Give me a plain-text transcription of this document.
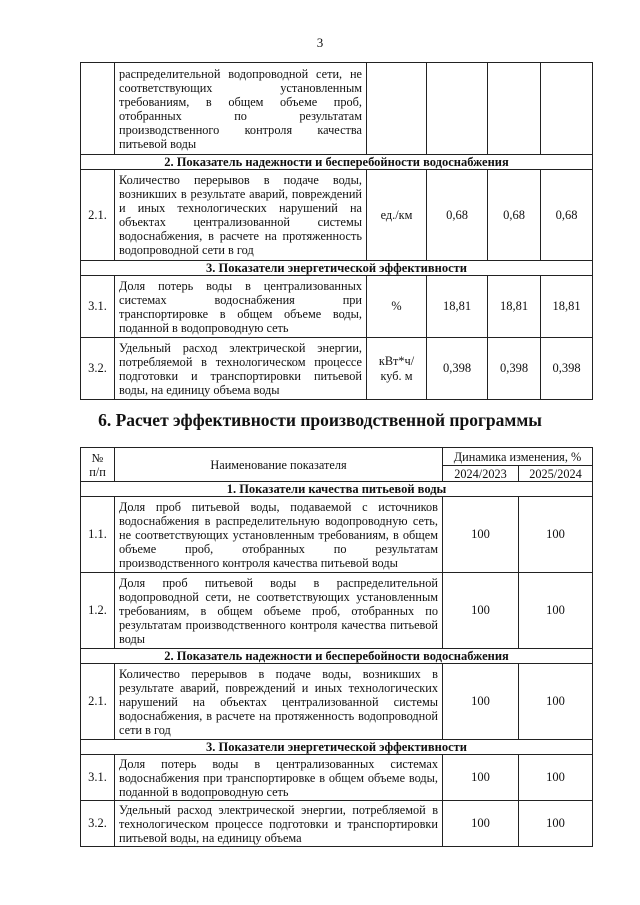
3
	распределительной водопроводной сети, не соответствующих установленным требованиям, в общем объеме проб, отобранных по результатам производственного контроля качества питьевой воды				
2. Показатель надежности и бесперебойности водоснабжения					
2.1.	Количество перерывов в подаче воды, возникших в результате аварий, повреждений и иных технологических нарушений на объектах централизованной системы водоснабжения, в расчете на протяженность водопроводной сети в год	ед./км	0,68	0,68	0,68
3. Показатели энергетической эффективности					
3.1.	Доля потерь воды в централизованных системах водоснабжения при транспортировке в общем объеме воды, поданной в водопроводную сеть	%	18,81	18,81	18,81
3.2.	Удельный расход электрической энергии, потребляемой в технологическом процессе подготовки и транспортировки питьевой воды, на единицу объема воды	кВт*ч/
куб. м	0,398	0,398	0,398
6. Расчет эффективности производственной программы
№
п/п	Наименование показателя	Динамика изменения, %	
		2024/2023	2025/2024
1. Показатели качества питьевой воды			
1.1.	Доля проб питьевой воды, подаваемой с источников водоснабжения в распределительную водопроводную сеть, не соответствующих установленным требованиям, в общем объеме проб, отобранных по результатам производственного контроля качества питьевой воды	100	100
1.2.	Доля проб питьевой воды в распределительной водопроводной сети, не соответствующих установленным требованиям, в общем объеме проб, отобранных по результатам производственного контроля качества питьевой воды	100	100
2. Показатель надежности и бесперебойности водоснабжения			
2.1.	Количество перерывов в подаче воды, возникших в результате аварий, повреждений и иных технологических нарушений на объектах централизованной системы водоснабжения, в расчете на протяженность водопроводной сети в год	100	100
3. Показатели энергетической эффективности			
3.1.	Доля потерь воды в централизованных системах водоснабжения при транспортировке в общем объеме воды, поданной в водопроводную сеть	100	100
3.2.	Удельный расход электрической энергии, потребляемой в технологическом процессе подготовки и транспортировки питьевой воды, на единицу объема	100	100
